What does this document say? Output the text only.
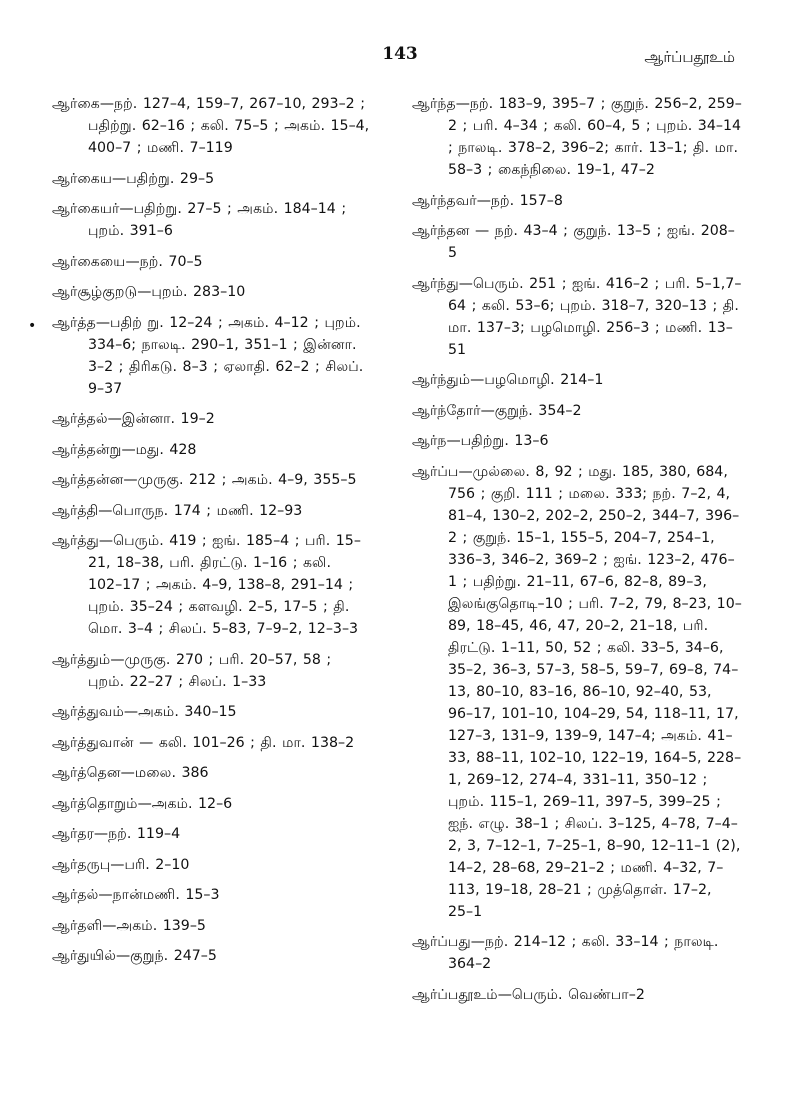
143	ஆர்ப்பதூஉம்
•

ஆர்கை—நற். 127–4, 159–7, 267–10, 293–2 ; பதிற்று. 62–16 ; கலி. 75–5 ; அகம். 15–4, 400–7 ; மணி. 7–119

ஆர்கைய—பதிற்று. 29–5

ஆர்கையர்—பதிற்று. 27–5 ; அகம். 184–14 ; புறம். 391–6

ஆர்கையை—நற். 70–5

ஆர்சூழ்குறடு—புறம். 283–10

ஆர்த்த—பதிற் று. 12–24 ; அகம். 4–12 ; புறம். 334–6; நாலடி. 290–1, 351–1 ; இன்னா. 3–2 ; திரிகடு. 8–3 ; ஏலாதி. 62–2 ; சிலப். 9–37

ஆர்த்தல்—இன்னா. 19–2

ஆர்த்தன்று—மது. 428

ஆர்த்தன்ன—முருகு. 212 ; அகம். 4–9, 355–5

ஆர்த்தி—பொருந. 174 ; மணி. 12–93

ஆர்த்து—பெரும். 419 ; ஐங். 185–4 ; பரி. 15–21, 18–38, பரி. திரட்டு. 1–16 ; கலி. 102–17 ; அகம். 4–9, 138–8, 291–14 ; புறம். 35–24 ; களவழி. 2–5, 17–5 ; தி. மொ. 3–4 ; சிலப். 5–83, 7–9–2, 12–3–3

ஆர்த்தும்—முருகு. 270 ; பரி. 20–57, 58 ; புறம். 22–27 ; சிலப். 1–33

ஆர்த்துவம்—அகம். 340–15

ஆர்த்துவான் — கலி. 101–26 ; தி. மா. 138–2

ஆர்த்தென—மலை. 386

ஆர்த்தொறும்—அகம். 12–6

ஆர்தர—நற். 119–4

ஆர்தருபு—பரி. 2–10

ஆர்தல்—நான்மணி. 15–3

ஆர்தளி—அகம். 139–5

ஆர்துயில்—குறுந். 247–5

ஆர்ந்த—நற். 183–9, 395–7 ; குறுந். 256–2, 259–2 ; பரி. 4–34 ; கலி. 60–4, 5 ; புறம். 34–14 ; நாலடி. 378–2, 396–2; கார். 13–1; தி. மா. 58–3 ; கைந்நிலை. 19–1, 47–2

ஆர்ந்தவர்—நற். 157–8

ஆர்ந்தன — நற். 43–4 ; குறுந். 13–5 ; ஐங். 208–5

ஆர்ந்து—பெரும். 251 ; ஐங். 416–2 ; பரி. 5–1,7–64 ; கலி. 53–6; புறம். 318–7, 320–13 ; தி. மா. 137–3; பழமொழி. 256–3 ; மணி. 13–51

ஆர்ந்தும்—பழமொழி. 214–1

ஆர்ந்தோர்—குறுந். 354–2

ஆர்ந—பதிற்று. 13–6

ஆர்ப்ப—முல்லை. 8, 92 ; மது. 185, 380, 684, 756 ; குறி. 111 ; மலை. 333; நற். 7–2, 4, 81–4, 130–2, 202–2, 250–2, 344–7, 396–2 ; குறுந். 15–1, 155–5, 204–7, 254–1, 336–3, 346–2, 369–2 ; ஐங். 123–2, 476–1 ; பதிற்று. 21–11, 67–6, 82–8, 89–3, இலங்குதொடி–10 ; பரி. 7–2, 79, 8–23, 10–89, 18–45, 46, 47, 20–2, 21–18, பரி. திரட்டு. 1–11, 50, 52 ; கலி. 33–5, 34–6, 35–2, 36–3, 57–3, 58–5, 59–7, 69–8, 74–13, 80–10, 83–16, 86–10, 92–40, 53, 96–17, 101–10, 104–29, 54, 118–11, 17, 127–3, 131–9, 139–9, 147–4; அகம். 41–33, 88–11, 102–10, 122–19, 164–5, 228–1, 269–12, 274–4, 331–11, 350–12 ; புறம். 115–1, 269–11, 397–5, 399–25 ; ஐந். எழு. 38–1 ; சிலப். 3–125, 4–78, 7–4–2, 3, 7–12–1, 7–25–1, 8–90, 12–11–1 (2), 14–2, 28–68, 29–21–2 ; மணி. 4–32, 7–113, 19–18, 28–21 ; முத்தொள். 17–2, 25–1

ஆர்ப்பது—நற். 214–12 ; கலி. 33–14 ; நாலடி. 364–2

ஆர்ப்பதூஉம்—பெரும். வெண்பா–2
